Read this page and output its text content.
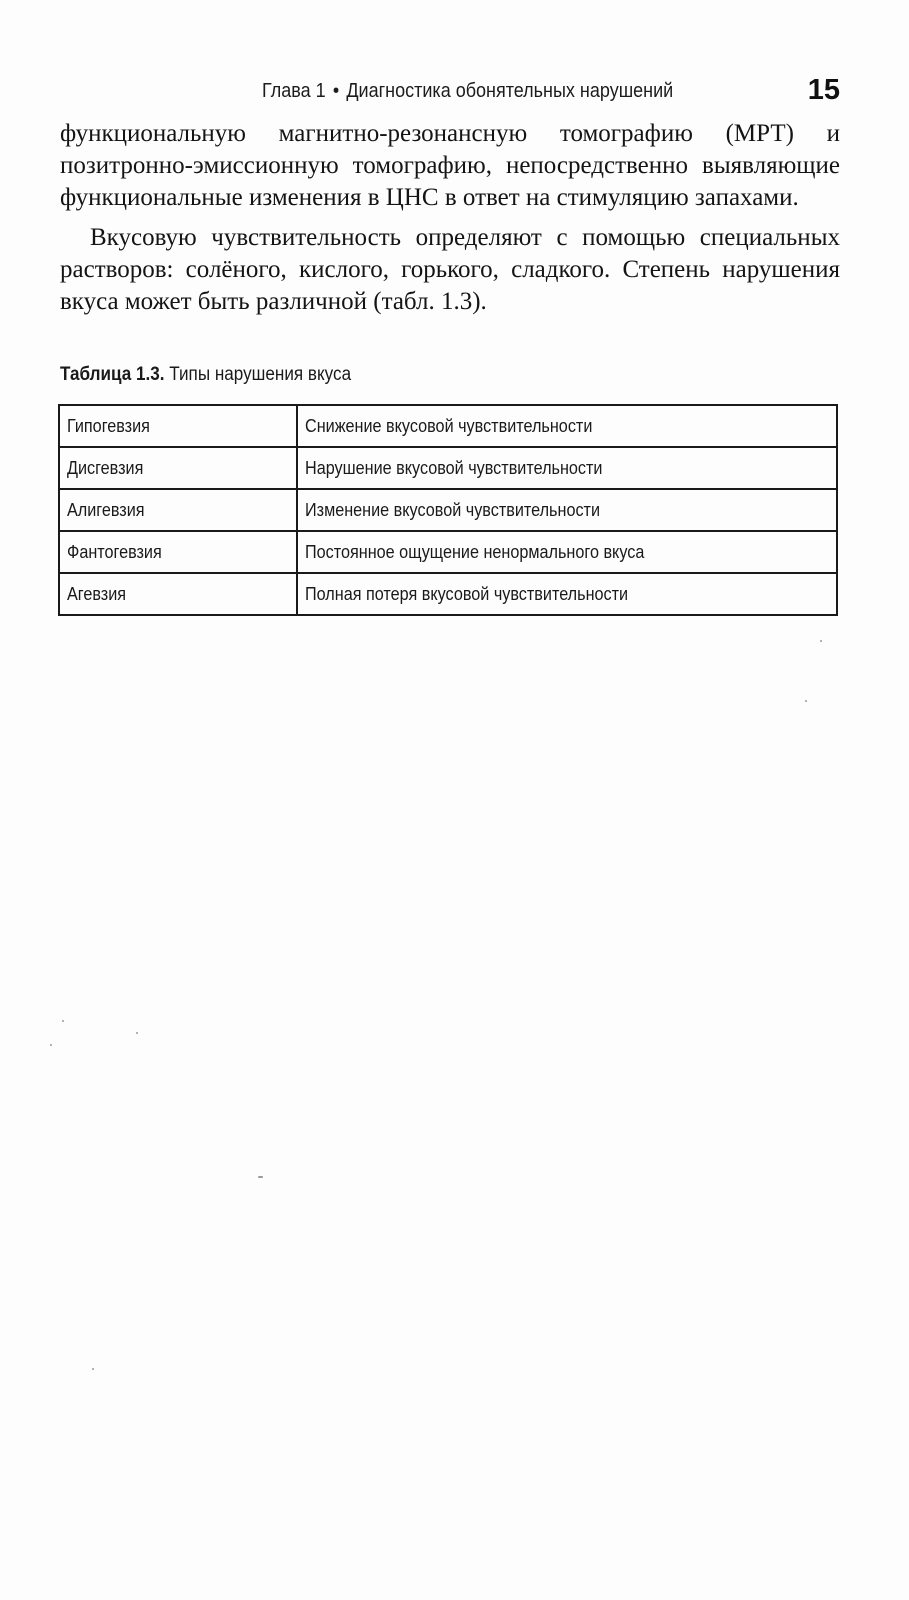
Глава 1 • Диагностика обонятельных нарушений	15

функциональную магнитно-резонансную томографию (МРТ) и позитронно-эмиссионную томографию, непосредственно выявляющие функциональные изменения в ЦНС в ответ на стимуляцию запахами.

Вкусовую чувствительность определяют с помощью специальных растворов: солёного, кислого, горького, сладкого. Степень нарушения вкуса может быть различной (табл. 1.3).

Таблица 1.3. Типы нарушения вкуса
Гипогевзия	Снижение вкусовой чувствительности
Дисгевзия	Нарушение вкусовой чувствительности
Алигевзия	Изменение вкусовой чувствительности
Фантогевзия	Постоянное ощущение ненормального вкуса
Агевзия	Полная потеря вкусовой чувствительности
